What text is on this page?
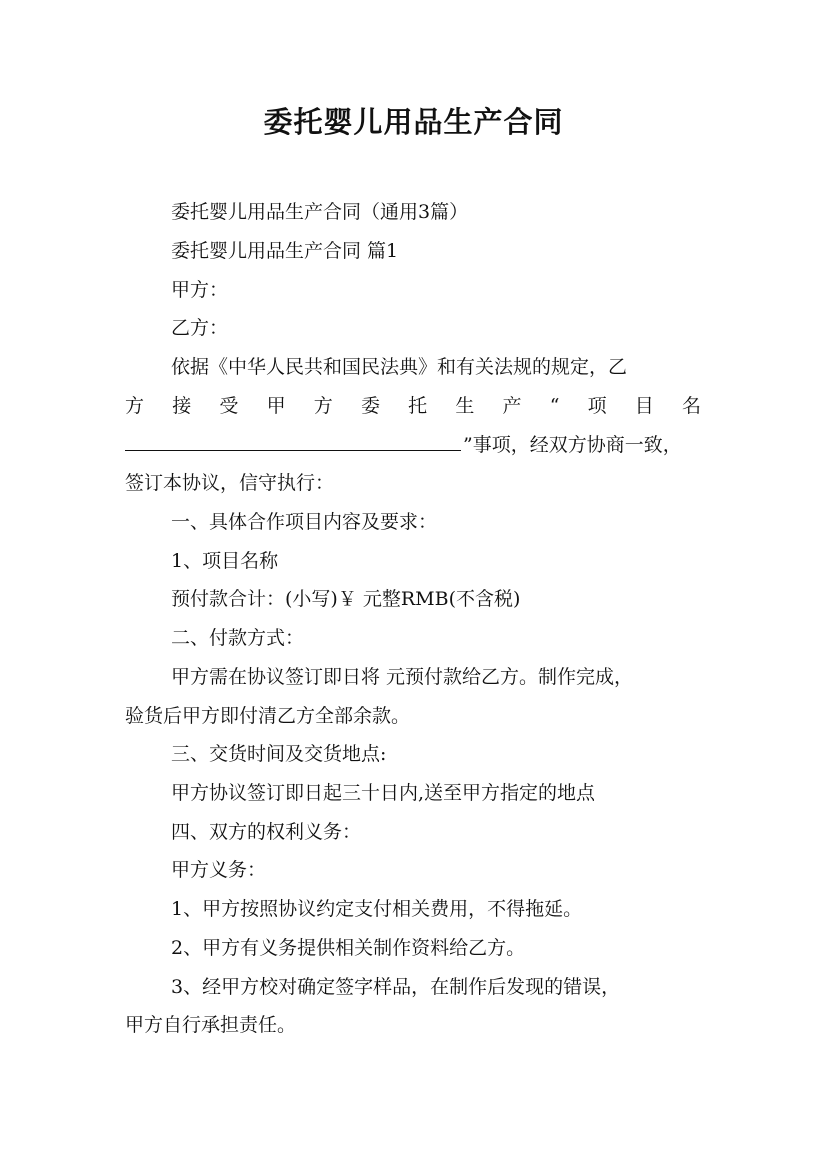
委托婴儿用品生产合同
委托婴儿用品生产合同（通用3篇）
委托婴儿用品生产合同 篇1
甲方：
乙方：
依据《中华人民共和国民法典》和有关法规的规定，乙
方 接 受 甲 方 委 托 生 产 “ 项 目 名
”事项，经双方协商一致，
签订本协议，信守执行：
一、具体合作项目内容及要求：
1、项目名称
预付款合计：(小写)￥ 元整RMB(不含税)
二、付款方式：
甲方需在协议签订即日将 元预付款给乙方。制作完成，
验货后甲方即付清乙方全部余款。
三、交货时间及交货地点:
甲方协议签订即日起三十日内,送至甲方指定的地点
四、双方的权利义务：
甲方义务：
1、甲方按照协议约定支付相关费用，不得拖延。
2、甲方有义务提供相关制作资料给乙方。
3、经甲方校对确定签字样品，在制作后发现的错误，
甲方自行承担责任。
